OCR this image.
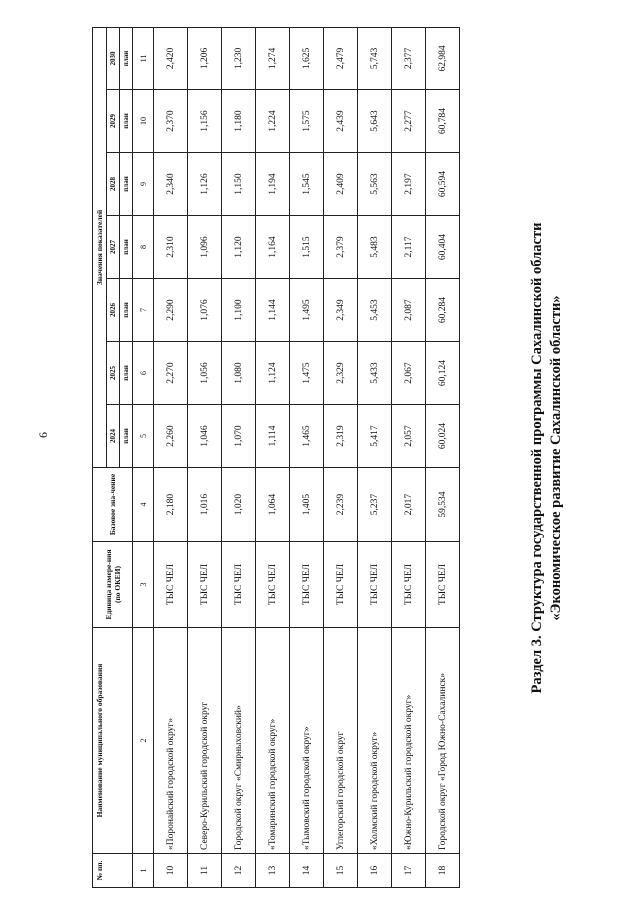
6
№ пп.	Наименование муниципального образования	Единица измере-ния (по ОКЕИ)	Базовое зна-чение	Значения показателей						
				2024	2025	2026	2027	2028	2029	2030
				план	план	план	план	план	план	план
1	2	3	4	5	6	7	8	9	10	11
10	«Поронайский городской округ»	ТЫС ЧЕЛ	2,180	2,260	2,270	2,290	2,310	2,340	2,370	2,420
11	Северо-Курильский городской округ	ТЫС ЧЕЛ	1,016	1,046	1,056	1,076	1,096	1,126	1,156	1,206
12	Городской округ «Смирныховский»	ТЫС ЧЕЛ	1,020	1,070	1,080	1,100	1,120	1,150	1,180	1,230
13	«Томаринский городской округ»	ТЫС ЧЕЛ	1,064	1,114	1,124	1,144	1,164	1,194	1,224	1,274
14	«Тымовский городской округ»	ТЫС ЧЕЛ	1,405	1,465	1,475	1,495	1,515	1,545	1,575	1,625
15	Углегорский городской округ	ТЫС ЧЕЛ	2,239	2,319	2,329	2,349	2,379	2,409	2,439	2,479
16	«Холмский городской округ»	ТЫС ЧЕЛ	5,237	5,417	5,433	5,453	5,483	5,563	5,643	5,743
17	«Южно-Курильский городской округ»	ТЫС ЧЕЛ	2,017	2,057	2,067	2,087	2,117	2,197	2,277	2,377
18	Городской округ «Город Южно-Сахалинск»	ТЫС ЧЕЛ	59,534	60,024	60,124	60,284	60,404	60,594	60,784	62,984
Раздел 3. Структура государственной программы Сахалинской области «Экономическое развитие Сахалинской области»
